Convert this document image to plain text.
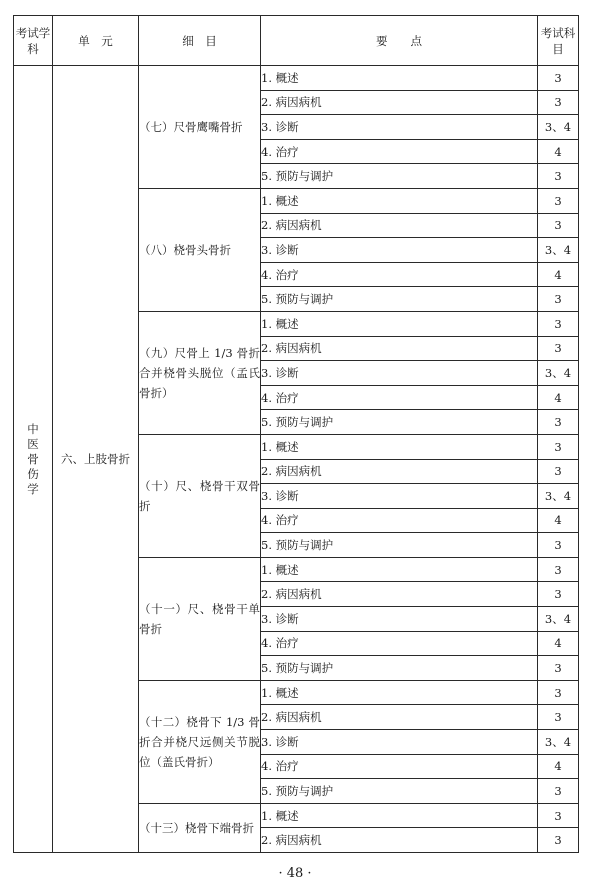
考试学科	单　元	细　目	要　　点	考试科目
中医骨伤学	六、上肢骨折	（七）尺骨鹰嘴骨折	1. 概述	3
			2. 病因病机	3
			3. 诊断	3、4
			4. 治疗	4
			5. 预防与调护	3
		（八）桡骨头骨折	1. 概述	3
			2. 病因病机	3
			3. 诊断	3、4
			4. 治疗	4
			5. 预防与调护	3
		（九）尺骨上 1/3 骨折合并桡骨头脱位（孟氏骨折）	1. 概述	3
			2. 病因病机	3
			3. 诊断	3、4
			4. 治疗	4
			5. 预防与调护	3
		（十）尺、桡骨干双骨折	1. 概述	3
			2. 病因病机	3
			3. 诊断	3、4
			4. 治疗	4
			5. 预防与调护	3
		（十一）尺、桡骨干单骨折	1. 概述	3
			2. 病因病机	3
			3. 诊断	3、4
			4. 治疗	4
			5. 预防与调护	3
		（十二）桡骨下 1/3 骨折合并桡尺远侧关节脱位（盖氏骨折）	1. 概述	3
			2. 病因病机	3
			3. 诊断	3、4
			4. 治疗	4
			5. 预防与调护	3
		（十三）桡骨下端骨折	1. 概述	3
			2. 病因病机	3
· 48 ·
